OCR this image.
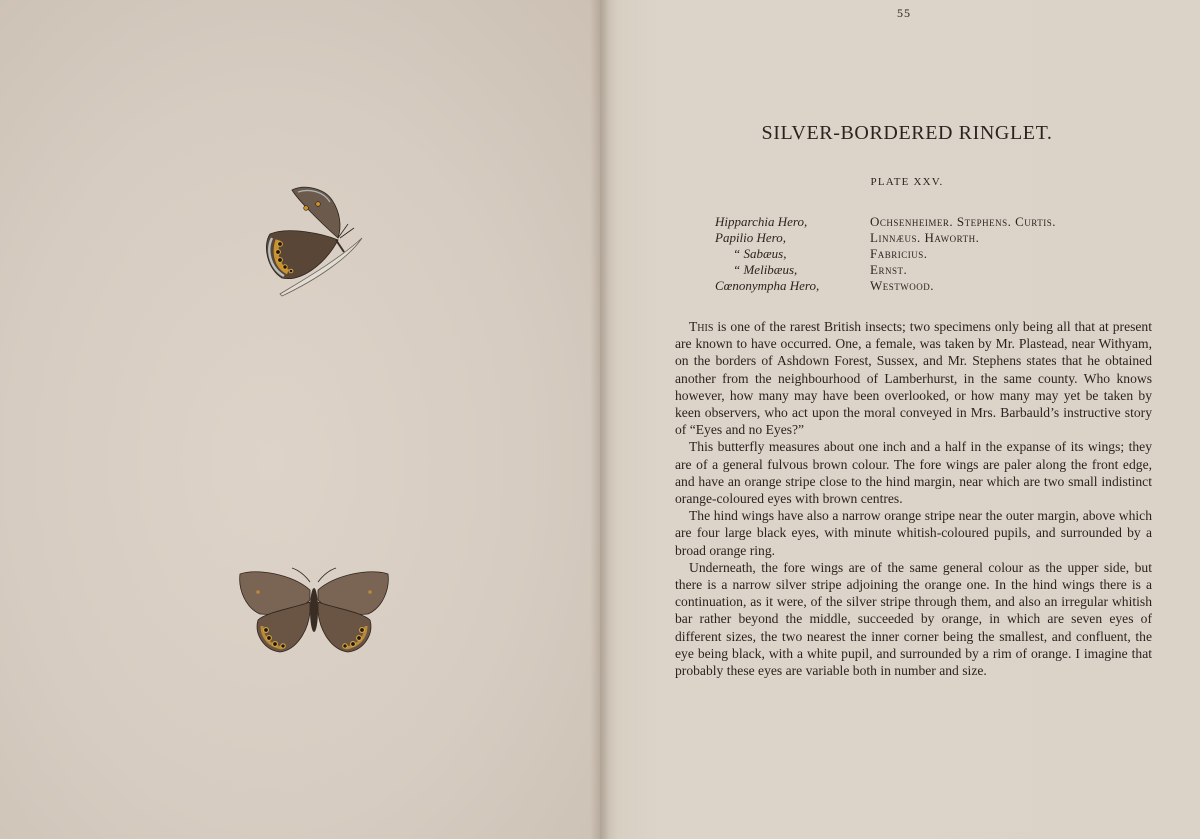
55
SILVER-BORDERED RINGLET.
PLATE XXV.
Hipparchia Hero,	Ochsenheimer. Stephens. Curtis.
Papilio Hero,	Linnæus. Haworth.
“ Sabæus,	Fabricius.
“ Melibæus,	Ernst.
Cœnonympha Hero,	Westwood.

This is one of the rarest British insects; two specimens only being all that at present are known to have occurred. One, a female, was taken by Mr. Plastead, near Withyam, on the borders of Ashdown Forest, Sussex, and Mr. Stephens states that he obtained another from the neighbourhood of Lamberhurst, in the same county. Who knows however, how many may have been overlooked, or how many may yet be taken by keen observers, who act upon the moral conveyed in Mrs. Barbauld’s instructive story of “Eyes and no Eyes?”

This butterfly measures about one inch and a half in the expanse of its wings; they are of a general fulvous brown colour. The fore wings are paler along the front edge, and have an orange stripe close to the hind margin, near which are two small indistinct orange-coloured eyes with brown centres.

The hind wings have also a narrow orange stripe near the outer margin, above which are four large black eyes, with minute whitish-coloured pupils, and surrounded by a broad orange ring.

Underneath, the fore wings are of the same general colour as the upper side, but there is a narrow silver stripe adjoining the orange one. In the hind wings there is a continuation, as it were, of the silver stripe through them, and also an irregular whitish bar rather beyond the middle, succeeded by orange, in which are seven eyes of different sizes, the two nearest the inner corner being the smallest, and confluent, the eye being black, with a white pupil, and surrounded by a rim of orange. I imagine that probably these eyes are variable both in number and size.
